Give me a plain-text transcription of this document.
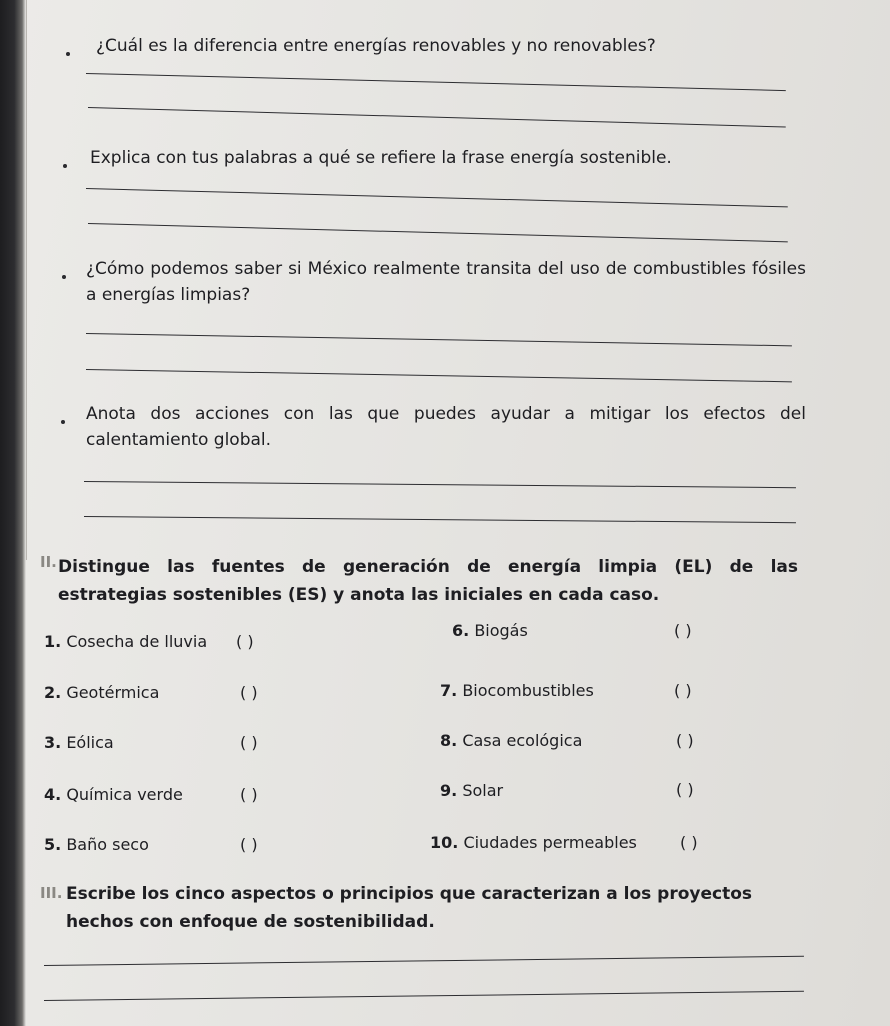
¿Cuál es la diferencia entre energías renovables y no renovables?
Explica con tus palabras a qué se refiere la frase energía sostenible.
¿Cómo podemos saber si México realmente transita del uso de combustibles fósiles a energías limpias?
Anota dos acciones con las que puedes ayudar a mitigar los efectos del calentamiento global.
II. Distingue las fuentes de generación de energía limpia (EL) de las estrategias sostenibles (ES) y anota las iniciales en cada caso.
1. Cosecha de lluvia ( )
2. Geotérmica	( )
3. Eólica	( )
4. Química verde	( )
5. Baño seco	( )
6. Biogás	( )
7. Biocombustibles	( )
8. Casa ecológica	( )
9. Solar	( )
10. Ciudades permeables	( )
III. Escribe los cinco aspectos o principios que caracterizan a los proyectos hechos con enfoque de sostenibilidad.
